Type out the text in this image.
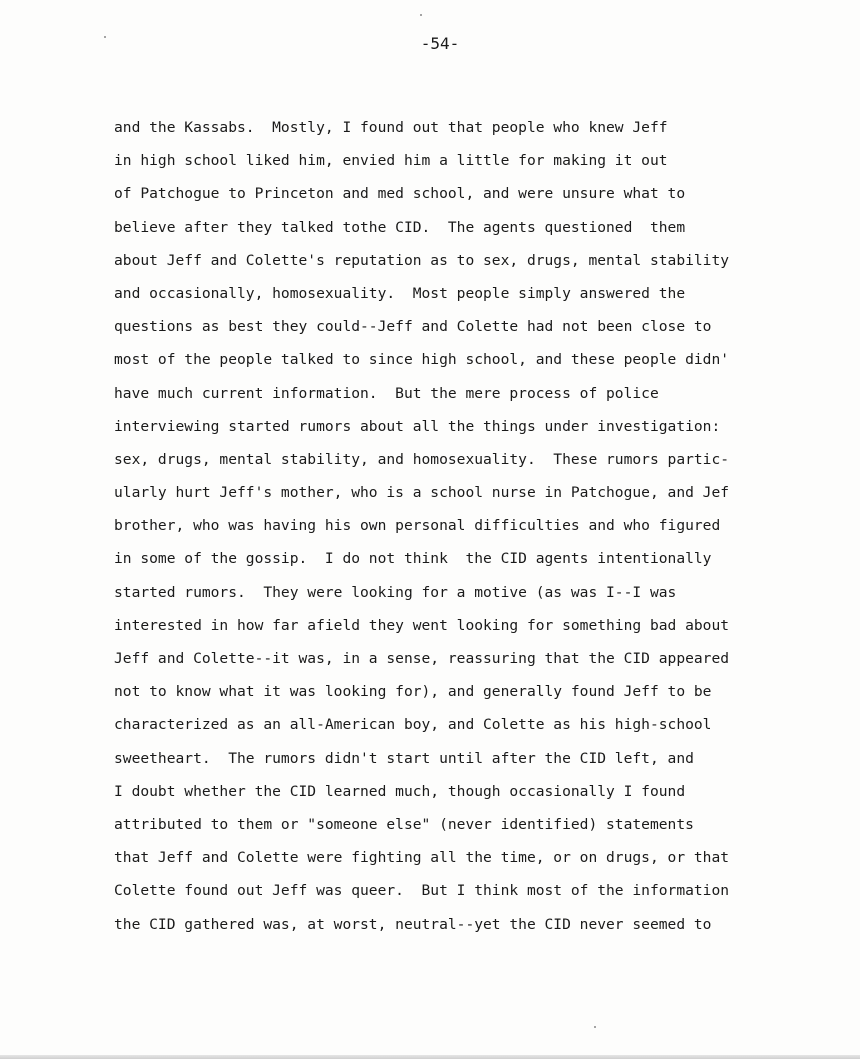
-54-
and the Kassabs.  Mostly, I found out that people who knew Jeff
in high school liked him, envied him a little for making it out
of Patchogue to Princeton and med school, and were unsure what to
believe after they talked tothe CID.  The agents questioned  them
about Jeff and Colette's reputation as to sex, drugs, mental stability
and occasionally, homosexuality.  Most people simply answered the
questions as best they could--Jeff and Colette had not been close to
most of the people talked to since high school, and these people didn'
have much current information.  But the mere process of police
interviewing started rumors about all the things under investigation:
sex, drugs, mental stability, and homosexuality.  These rumors partic-
ularly hurt Jeff's mother, who is a school nurse in Patchogue, and Jef
brother, who was having his own personal difficulties and who figured
in some of the gossip.  I do not think  the CID agents intentionally
started rumors.  They were looking for a motive (as was I--I was
interested in how far afield they went looking for something bad about
Jeff and Colette--it was, in a sense, reassuring that the CID appeared
not to know what it was looking for), and generally found Jeff to be
characterized as an all-American boy, and Colette as his high-school
sweetheart.  The rumors didn't start until after the CID left, and
I doubt whether the CID learned much, though occasionally I found
attributed to them or "someone else" (never identified) statements
that Jeff and Colette were fighting all the time, or on drugs, or that
Colette found out Jeff was queer.  But I think most of the information
the CID gathered was, at worst, neutral--yet the CID never seemed to
